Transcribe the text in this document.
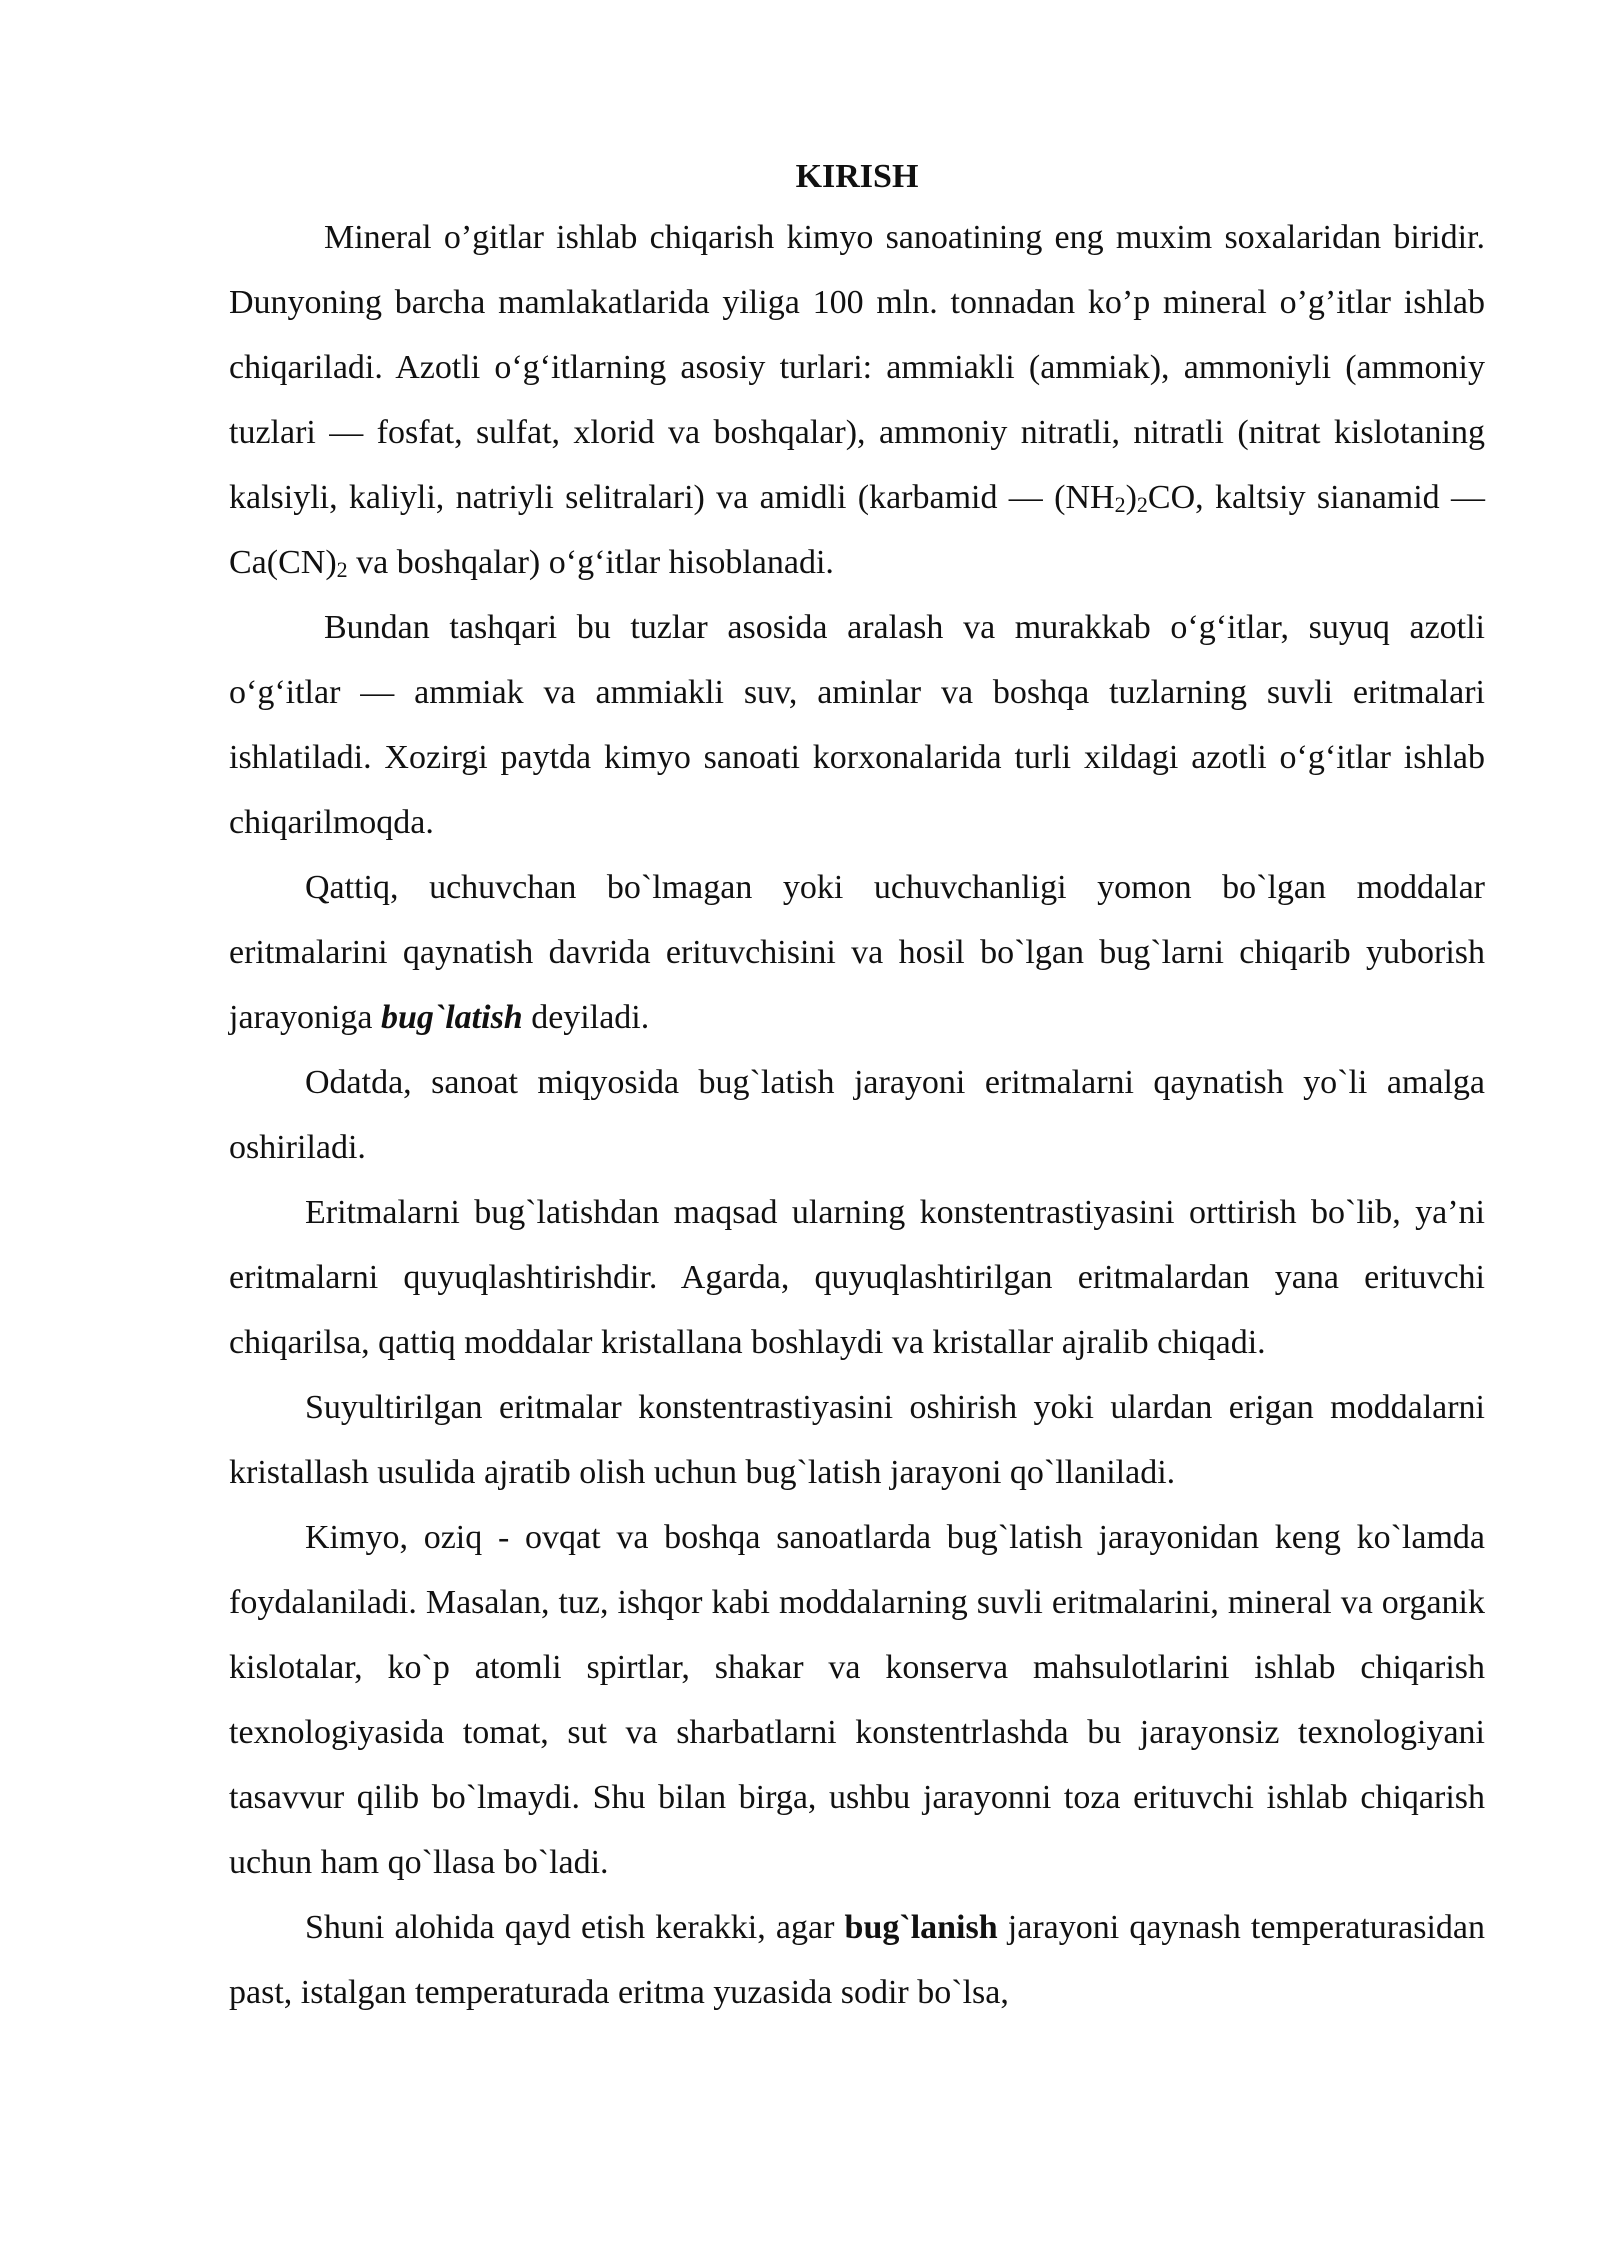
KIRISH

Mineral o’gitlar ishlab chiqarish kimyo sanoatining eng muxim soxalaridan biridir. Dunyoning barcha mamlakatlarida yiliga 100 mln. tonnadan ko’p mineral o’g’itlar ishlab chiqariladi. Azotli o‘g‘itlarning asosiy turlari: ammiakli (ammiak), ammoniyli (ammoniy tuzlari — fosfat, sulfat, xlorid va boshqalar), ammoniy nitratli, nitratli (nitrat kislotaning kalsiyli, kaliyli, natriyli selitralari) va amidli (karbamid — $(NH_2)_2CO$, kaltsiy sianamid — $Ca(CN)_2$ va boshqalar) o‘g‘itlar hisoblanadi.

Bundan tashqari bu tuzlar asosida aralash va murakkab o‘g‘itlar, suyuq azotli o‘g‘itlar — ammiak va ammiakli suv, aminlar va boshqa tuzlarning suvli eritmalari ishlatiladi. Xozirgi paytda kimyo sanoati korxonalarida turli xildagi azotli o‘g‘itlar ishlab chiqarilmoqda.

Qattiq, uchuvchan bo`lmagan yoki uchuvchanligi yomon bo`lgan moddalar eritmalarini qaynatish davrida erituvchisini va hosil bo`lgan bug`larni chiqarib yuborish jarayoniga bug`latish deyiladi.

Odatda, sanoat miqyosida bug`latish jarayoni eritmalarni qaynatish yo`li amalga oshiriladi.

Eritmalarni bug`latishdan maqsad ularning konstentrastiyasini orttirish bo`lib, ya’ni eritmalarni quyuqlashtirishdir. Agarda, quyuqlashtirilgan eritmalardan yana erituvchi chiqarilsa, qattiq moddalar kristallana boshlaydi va kristallar ajralib chiqadi.

Suyultirilgan eritmalar konstentrastiyasini oshirish yoki ulardan erigan moddalarni kristallash usulida ajratib olish uchun bug`latish jarayoni qo`llaniladi.

Kimyo, oziq - ovqat va boshqa sanoatlarda bug`latish jarayonidan keng ko`lamda foydalaniladi. Masalan, tuz, ishqor kabi moddalarning suvli eritmalarini, mineral va organik kislotalar, ko`p atomli spirtlar, shakar va konserva mahsulotlarini ishlab chiqarish texnologiyasida tomat, sut va sharbatlarni konstentrlashda bu jarayonsiz texnologiyani tasavvur qilib bo`lmaydi. Shu bilan birga, ushbu jarayonni toza erituvchi ishlab chiqarish uchun ham qo`llasa bo`ladi.

Shuni alohida qayd etish kerakki, agar bug`lanish jarayoni qaynash temperaturasidan past, istalgan temperaturada eritma yuzasida sodir bo`lsa,
